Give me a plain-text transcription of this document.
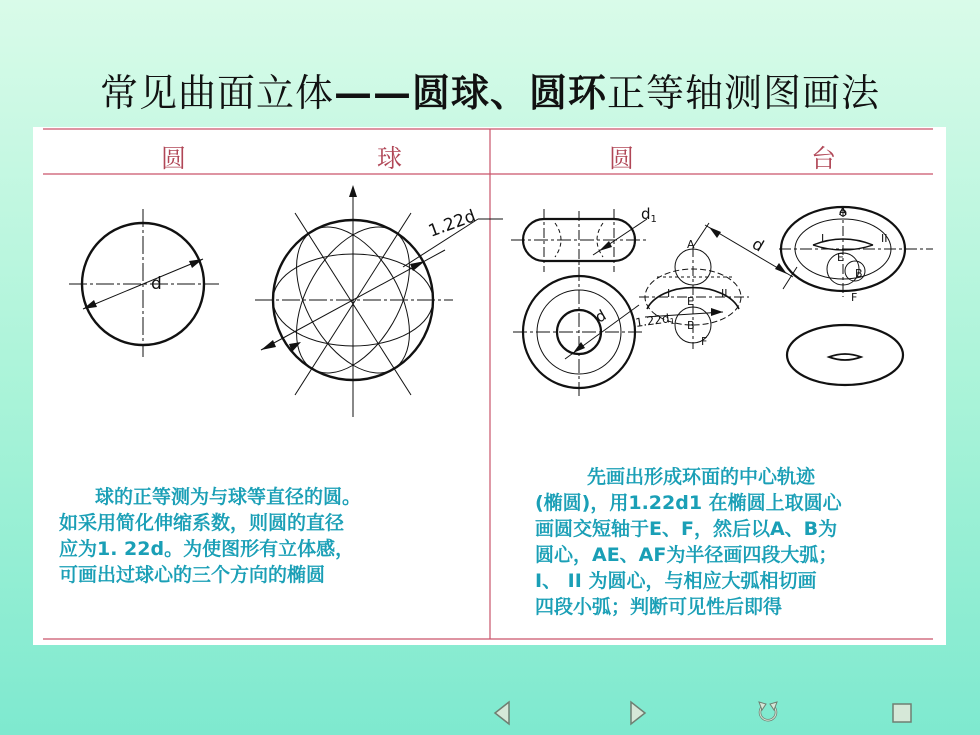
常见曲面立体——圆球、圆环正等轴测图画法
d
1.22d	$d_1$
d
A
I
E
II
B
F
d
1.22d1
A
I	II
E
B
F
圆	球	圆	台
球的正等测为与球等直径的圆。
如采用简化伸缩系数，则圆的直径
应为1. 22d。为使图形有立体感，
可画出过球心的三个方向的椭圆
先画出形成环面的中心轨迹
(椭圆)，用1.22d1 在椭圆上取圆心
画圆交短轴于E、F，然后以A、B为
圆心，AE、AF为半径画四段大弧；
I、 II 为圆心，与相应大弧相切画
四段小弧；判断可见性后即得
